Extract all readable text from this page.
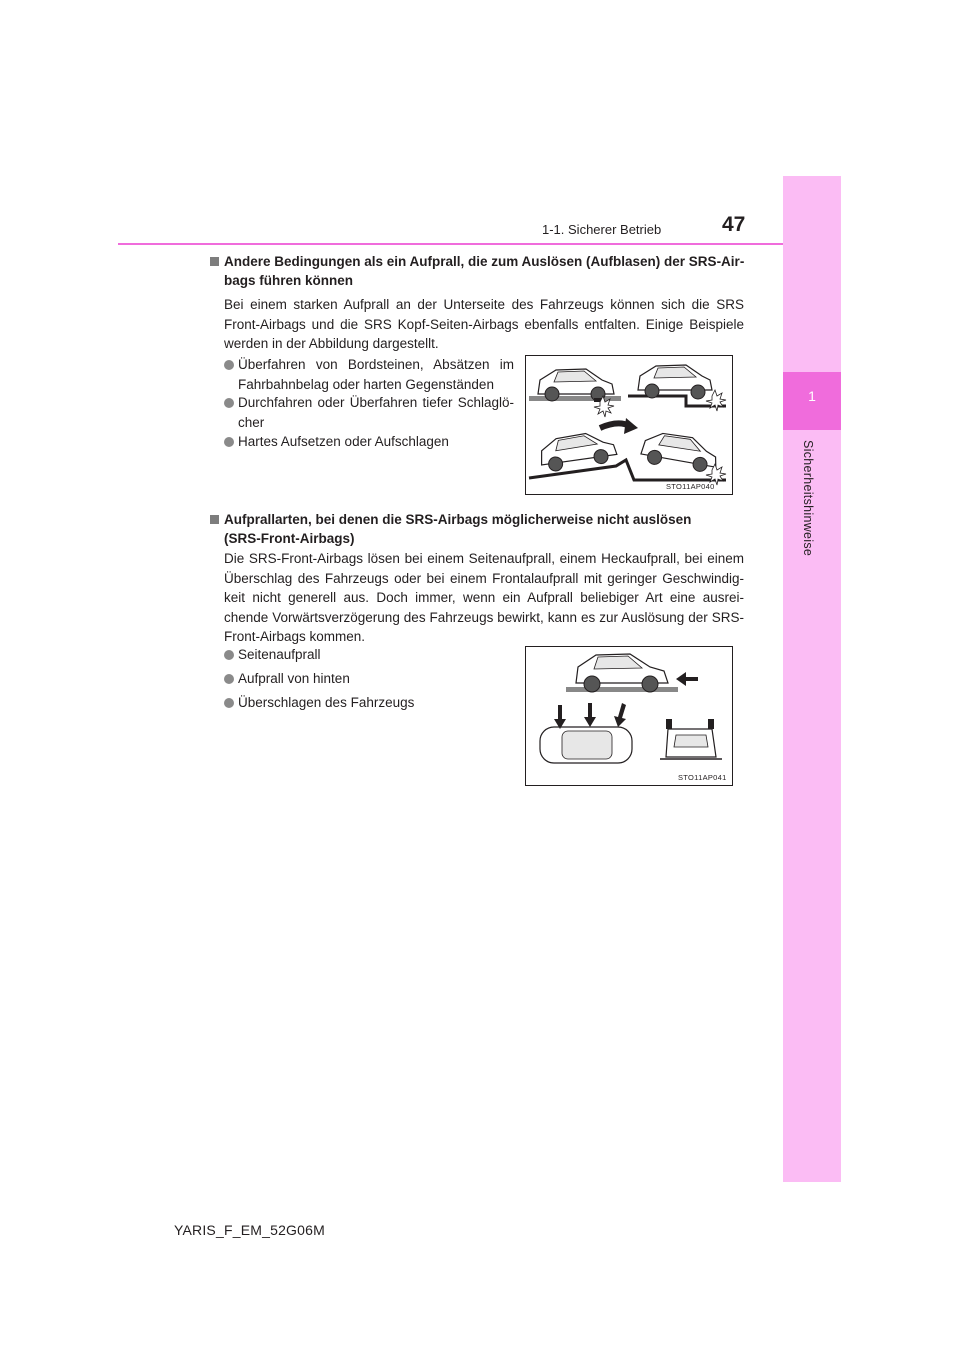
1
Sicherheitshinweise
1-1. Sicherer Betrieb	47
Andere Bedingungen als ein Aufprall, die zum Auslösen (Aufblasen) der SRS-Air-bags führen können
Bei einem starken Aufprall an der Unterseite des Fahrzeugs können sich die SRS Front-Airbags und die SRS Kopf-Seiten-Airbags ebenfalls entfalten. Einige Beispiele werden in der Abbildung dargestellt.
Überfahren von Bordsteinen, Absätzen im Fahrbahnbelag oder harten Gegenständen
Durchfahren oder Überfahren tiefer Schlaglö-cher
Hartes Aufsetzen oder Aufschlagen
STO11AP040
Aufprallarten, bei denen die SRS-Airbags möglicherweise nicht auslösen
(SRS-Front-Airbags)
Die SRS-Front-Airbags lösen bei einem Seitenaufprall, einem Heckaufprall, bei einem Überschlag des Fahrzeugs oder bei einem Frontalaufprall mit geringer Geschwindig-keit nicht generell aus. Doch immer, wenn ein Aufprall beliebiger Art eine ausrei-chende Vorwärtsverzögerung des Fahrzeugs bewirkt, kann es zur Auslösung der SRS-Front-Airbags kommen.
Seitenaufprall
Aufprall von hinten
Überschlagen des Fahrzeugs
STO11AP041
YARIS_F_EM_52G06M
